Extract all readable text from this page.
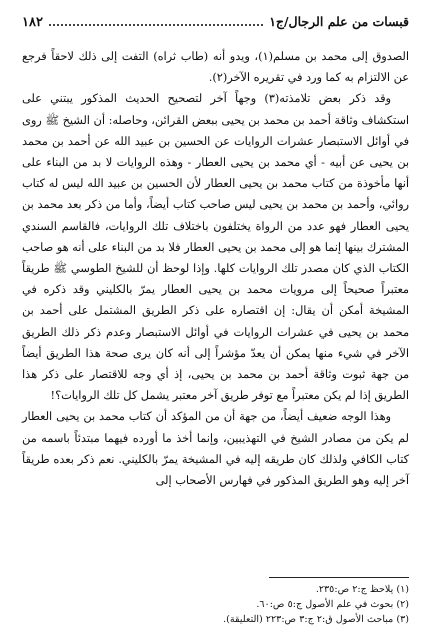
قبسات من علم الرجال/ج١
١٨٢

الصدوق إلى محمد بن مسلم(١)، ويدو أنه (طاب ثراه) التفت إلى ذلك لاحقاً فرجع عن الالتزام به كما ورد في تقريره الآخر(٢).

وقد ذكر بعض تلامذته(٣) وجهاً آخر لتصحيح الحديث المذكور يبتني على استكشاف وثاقة أحمد بن محمد بن يحيى ببعض القرائن، وحاصله: أن الشيخ ﷺ روى في أوائل الاستبصار عشرات الروايات عن الحسين بن عبيد الله عن أحمد بن محمد بن يحيى عن أبيه - أي محمد بن يحيى العطار - وهذه الروايات لا بد من البناء على أنها مأخوذة من كتاب محمد بن يحيى العطار لأن الحسين بن عبيد الله ليس له كتاب روائي، وأحمد بن محمد بن يحيى ليس صاحب كتاب أيضاً، وأما من ذكر بعد محمد بن يحيى العطار فهو عدد من الرواة يختلفون باختلاف تلك الروايات، فالقاسم السندي المشترك بينها إنما هو إلى محمد بن يحيى العطار فلا بد من البناء على أنه هو صاحب الكتاب الذي كان مصدر تلك الروايات كلها. وإذا لوحظ أن للشيخ الطوسي ﷺ طريقاً معتبراً صحيحاً إلى مرويات محمد بن يحيى العطار يمرّ بالكليني وقد ذكره في المشيخة أمكن أن يقال: إن اقتصاره على ذكر الطريق المشتمل على أحمد بن محمد بن يحيى في عشرات الروايات في أوائل الاستبصار وعدم ذكر ذلك الطريق الآخر في شيء منها يمكن أن يعدّ مؤشراً إلى أنه كان يرى صحة هذا الطريق أيضاً من جهة ثبوت وثاقة أحمد بن محمد بن يحيى، إذ أي وجه للاقتصار على ذكر هذا الطريق إذا لم يكن معتبراً مع توفر طريق آخر معتبر يشمل كل تلك الروايات؟!

وهذا الوجه ضعيف أيضاً، من جهة أن من المؤكد أن كتاب محمد بن يحيى العطار لم يكن من مصادر الشيخ في التهذيبين، وإنما أخذ ما أورده فيهما مبتدئاً باسمه من كتاب الكافي ولذلك كان طريقه إليه في المشيخة يمرّ بالكليني. نعم ذكر بعده طريقاً آخر إليه وهو الطريق المذكور في فهارس الأصحاب إلى

(١) يلاحظ ج:٢ ص:٢٣٥.
(٢) بحوث في علم الأصول ج:٥ ص:٦٠.
(٣) مباحث الأصول ق:٢ ج:٣ ص:٢٢٣ (التعليقة).
